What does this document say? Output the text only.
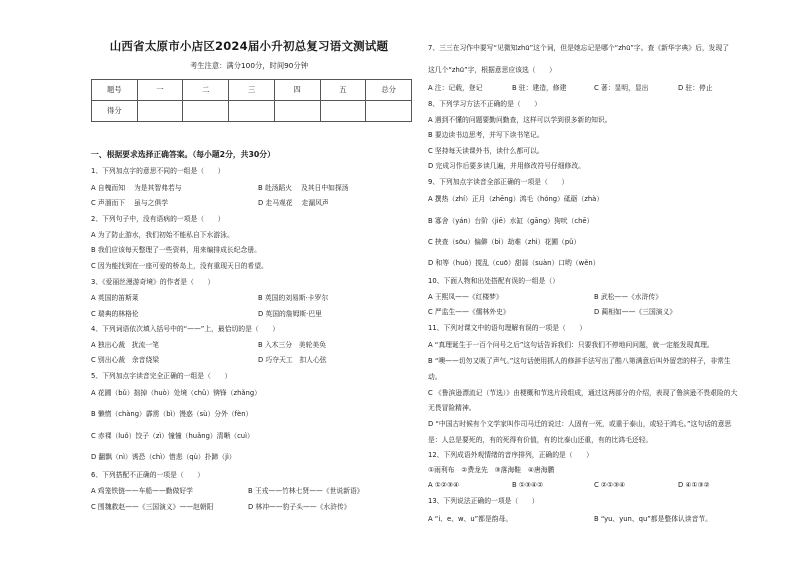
山西省太原市小店区2024届小升初总复习语文测试题
考生注意：满分100分，时间90分钟
题号	一	二	三	四	五	总分
得分						
一、根据要求选择正确答案。（每小题2分，共30分）
1、下列加点字的意思不同的一组是（　　）
A 自槐而知　 为是其智弗若与	B 赴汤蹈火　 及其日中如探汤
C 声溜而下　 虽与之俱学	D 走马观花　 走漏风声
2、下列句子中，没有语病的一项是（　　）
A 为了防止游水，我们初始不能私自下水游泳。
B 我们应该每天整理了一些资料，用来编排成长纪念册。
C 因为能找到在一座可爱的桥岛上，没有重现天日的希望。
3、《爱丽丝漫游奇境》的作者是（　　）
A 英国的笛斯莱	B 英国的刘易斯·卡罗尔
C 瑞典的林格伦	D 英国的詹姆斯·巴里
4、下列词语依次填入括号中的“——”上，最恰切的是（　　）
A 独出心裁　扰流一笔	B 入木三分　美轮美奂
C 别出心裁　余音绕梁	D 巧夺天工　扣人心弦
5、下列加点字读音完全正确的一组是（　　）
A 花圃（bǔ）拙掉（huò）处境（chǔ）锛锋（zhǎng）
B 懒惰（chàng）霹雳（bì）馒惑（sù）分外（fèn）
C 赤裸（luǒ）饺子（zì）憧憧（huǎng）清晰（cuì）
D 翻飘（nì）诱恐（chì）惜悲（qù）扑蹄（jì）
6、下列搭配不正确的一项是（　　）
A 鸡笼铁链——车船——勤做好学	B 王戎——竹林七贤——《世说新语》
C 围魏救赵——《三国演义》——赵朝阳	D 林冲——豹子头——《水浒传》
7、三三在习作中要写“见微知zhū”这个词，但是她忘记是哪个“zhū”字。查《新华字典》后，发现了
这几个“zhū”字，根据意思应该选（　　）
A 注：记载，登记	B 驻：建造，修建	C 著：显明，显出	D 驻：停止
8、下列学习方法不正确的是（　　）
A 遇到不懂的问题要勤问勤查，这样可以学到很多新的知识。
B 要边读书边思考，并写下读书笔记。
C 坚持每天读课外书，读什么都可以。
D 完成习作后要多读几遍，并用修改符号仔细修改。
9、下列加点字读音全部正确的一项是（　　）
A 撰热（zhí）正月（zhēng）鸿毛（hóng）砥砺（zhà）
B 寡舍（yán）台阶（jiē）水缸（gāng）狗吠（chē）
C 挟查（sōu）偏僻（bì）劫难（zhì）花圃（pǔ）
D 和等（huò）搅乱（cuō）甜蒜（suàn）口哟（wěn）
10、下面人物和出处搭配有误的一组是（）
A 王熙凤——《红楼梦》	B 武松——《水浒传》
C 严监生——《儒林外史》	D 蔺相如——《三国演义》
11、下列对课文中的语句理解有误的一项是（　　）
A “真理诞生于一百个问号之后”这句话告诉我们：只要我们不停地问问题，就一定能发现真理。
B “噢——切勿又吸了声气。”这句话使用抓人的修辞手法写出了酷八第满意后叫外留恋的样子，非常生
动。
C 《鲁滨逊漂流记（节选）》由梗概和节选片段组成，通过这两部分的介绍，表现了鲁滨逊不畏艰险的大
无畏冒险精神。
D “中国古时候有个文学家叫作司马迁的说过：人固有一死，或重于泰山，或轻于鸿毛。”这句话的意思
是：人总是要死的，有的死得有价值，有的比泰山还重，有的比鸿毛还轻。
12、下列成语外观情绪的音序排列，正确的是（　　）
①雨利布　②费龙先　③落海鞋　④唐海鹏
A ①②③④	B ①③④②	C ②①③④	D ④①③②
13、下列说法正确的一项是（　　）
A “i、e、w、u”都是韵母。	B “yu、yun、qu”都是整体认读音节。
